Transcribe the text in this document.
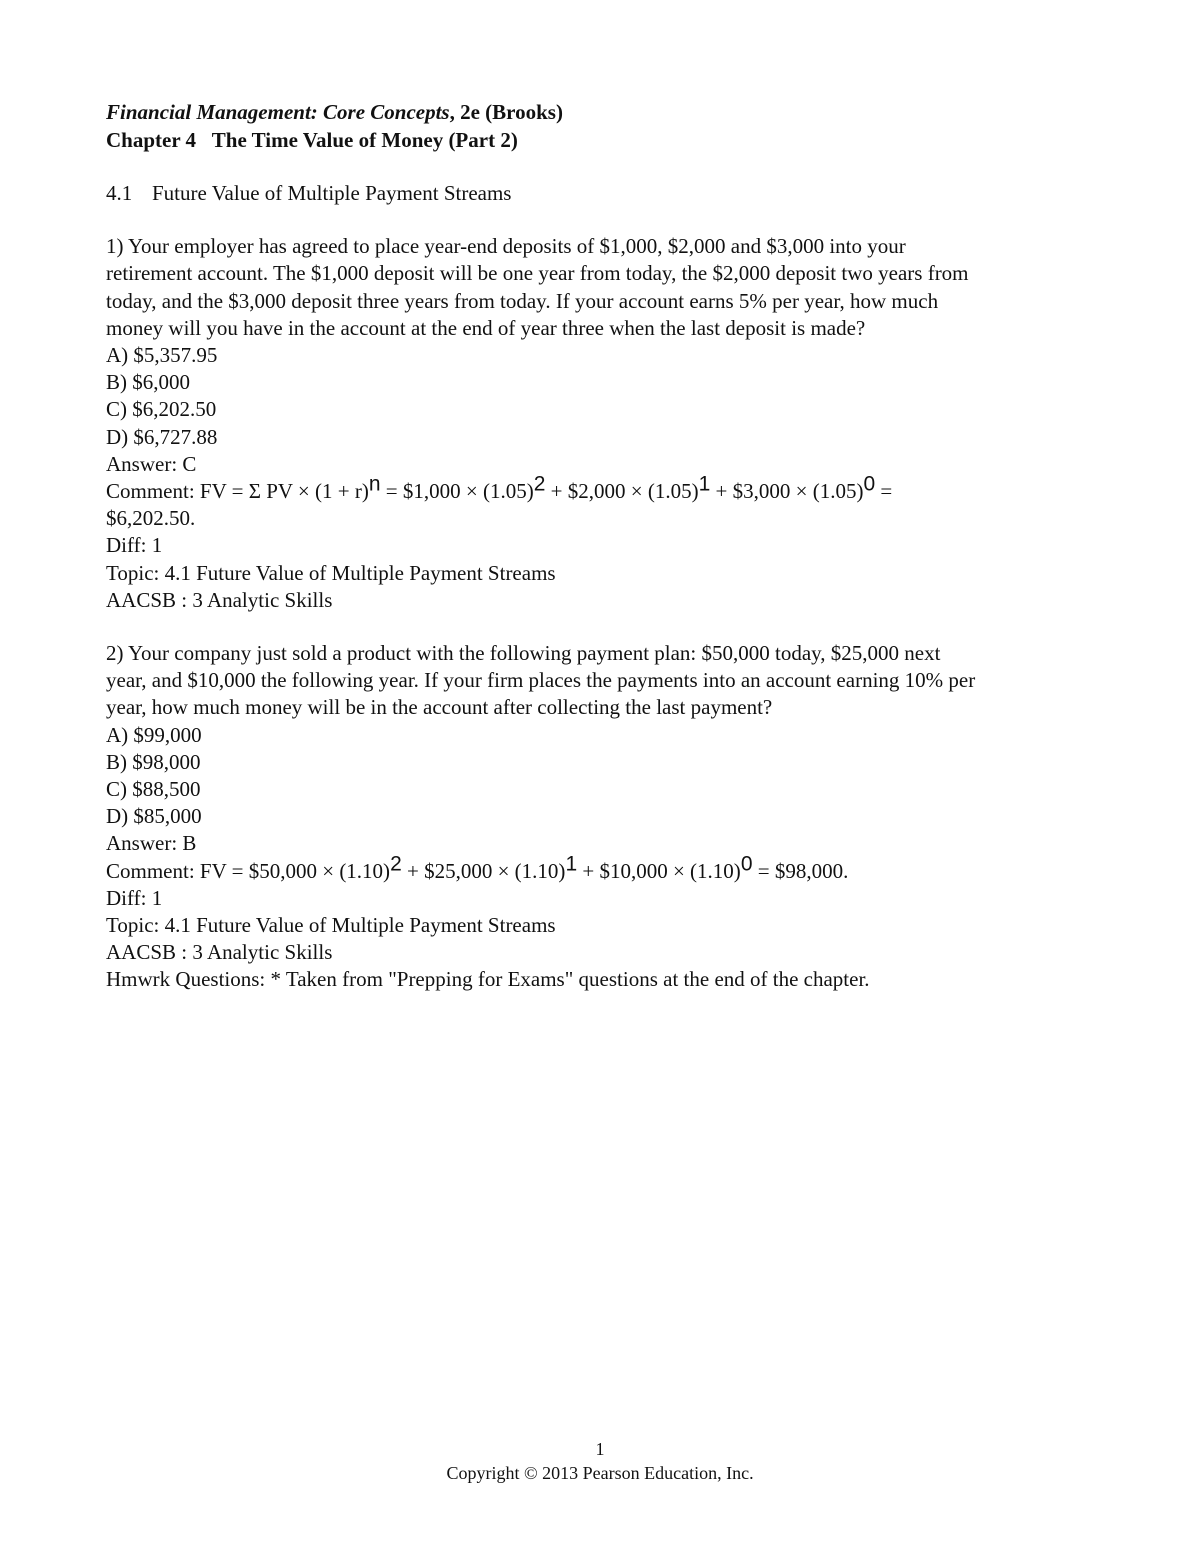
Financial Management: Core Concepts, 2e (Brooks)
Chapter 4 The Time Value of Money (Part 2)
4.1 Future Value of Multiple Payment Streams
1) Your employer has agreed to place year-end deposits of $1,000, $2,000 and $3,000 into your
retirement account. The $1,000 deposit will be one year from today, the $2,000 deposit two years from
today, and the $3,000 deposit three years from today. If your account earns 5% per year, how much
money will you have in the account at the end of year three when the last deposit is made?
A) $5,357.95
B) $6,000
C) $6,202.50
D) $6,727.88
Answer: C
Comment: FV = Σ PV × $(1 + r)^n$ = $1,000 × $(1.05)^2$ + $2,000 × $(1.05)^1$ + $3,000 × $(1.05)^0$ =
$6,202.50.
Diff: 1
Topic: 4.1 Future Value of Multiple Payment Streams
AACSB : 3 Analytic Skills
2) Your company just sold a product with the following payment plan: $50,000 today, $25,000 next
year, and $10,000 the following year. If your firm places the payments into an account earning 10% per
year, how much money will be in the account after collecting the last payment?
A) $99,000
B) $98,000
C) $88,500
D) $85,000
Answer: B
Comment: FV = $50,000 × $(1.10)^2$ + $25,000 × $(1.10)^1$ + $10,000 × $(1.10)^0$ = $98,000.
Diff: 1
Topic: 4.1 Future Value of Multiple Payment Streams
AACSB : 3 Analytic Skills
Hmwrk Questions: * Taken from "Prepping for Exams" questions at the end of the chapter.
1
Copyright © 2013 Pearson Education, Inc.
